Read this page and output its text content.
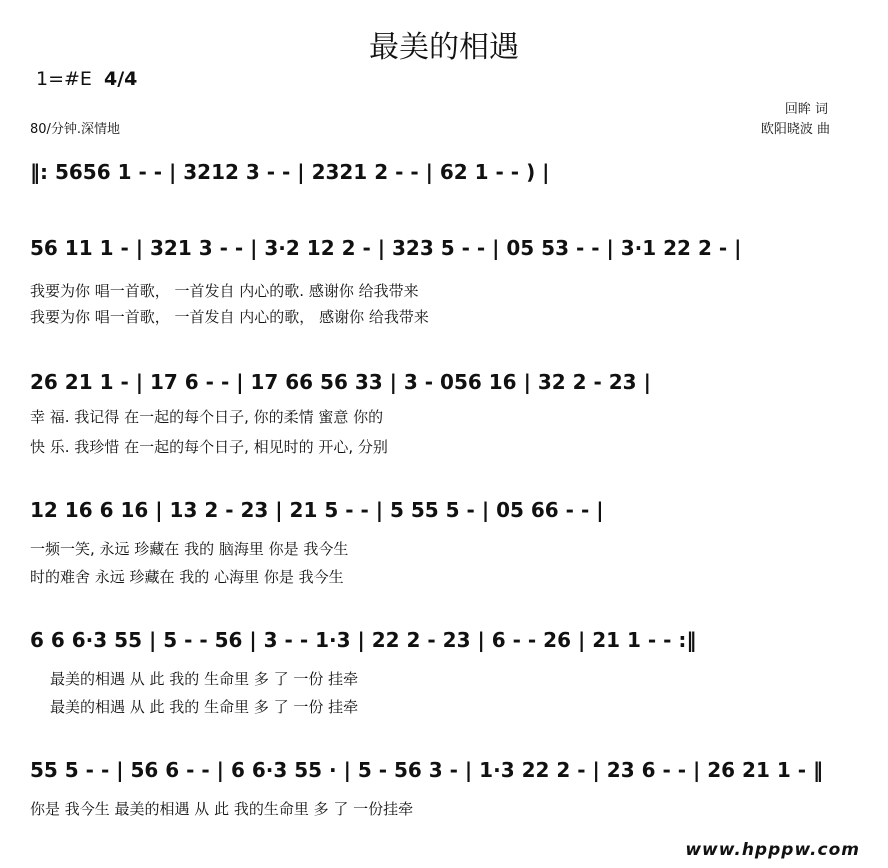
最美的相遇
1=#E 4/4
80/分钟.深情地
回眸 词
欧阳晓波 曲
‖: 5656 1 - - | 3212 3 - - | 2321 2 - - | 62 1 - - ) |
56 11 1 - | 321 3 - - | 3·2 12 2 - | 323 5 - - | 05 53 - - | 3·1 22 2 - |
我要为你 唱一首歌， 一首发自 内心的歌. 感谢你 给我带来
我要为你 唱一首歌， 一首发自 内心的歌， 感谢你 给我带来
26 21 1 - | 17 6 - - | 17 66 56 33 | 3 - 056 16 | 32 2 - 23 |
幸 福. 我记得 在一起的每个日子, 你的柔情 蜜意 你的
快 乐. 我珍惜 在一起的每个日子, 相见时的 开心, 分别
12 16 6 16 | 13 2 - 23 | 21 5 - - | 5 55 5 - | 05 66 - - |
一频一笑, 永远 珍藏在 我的 脑海里 你是 我今生
时的难舍 永远 珍藏在 我的 心海里 你是 我今生
6 6 6·3 55 | 5 - - 56 | 3 - - 1·3 | 22 2 - 23 | 6 - - 26 | 21 1 - - :‖
最美的相遇 从 此 我的 生命里 多 了 一份 挂牵
最美的相遇 从 此 我的 生命里 多 了 一份 挂牵
55 5 - - | 56 6 - - | 6 6·3 55 · | 5 - 56 3 - | 1·3 22 2 - | 23 6 - - | 26 21 1 - ‖
你是 我今生 最美的相遇 从 此 我的生命里 多 了 一份挂牵
www.hpppw.com
